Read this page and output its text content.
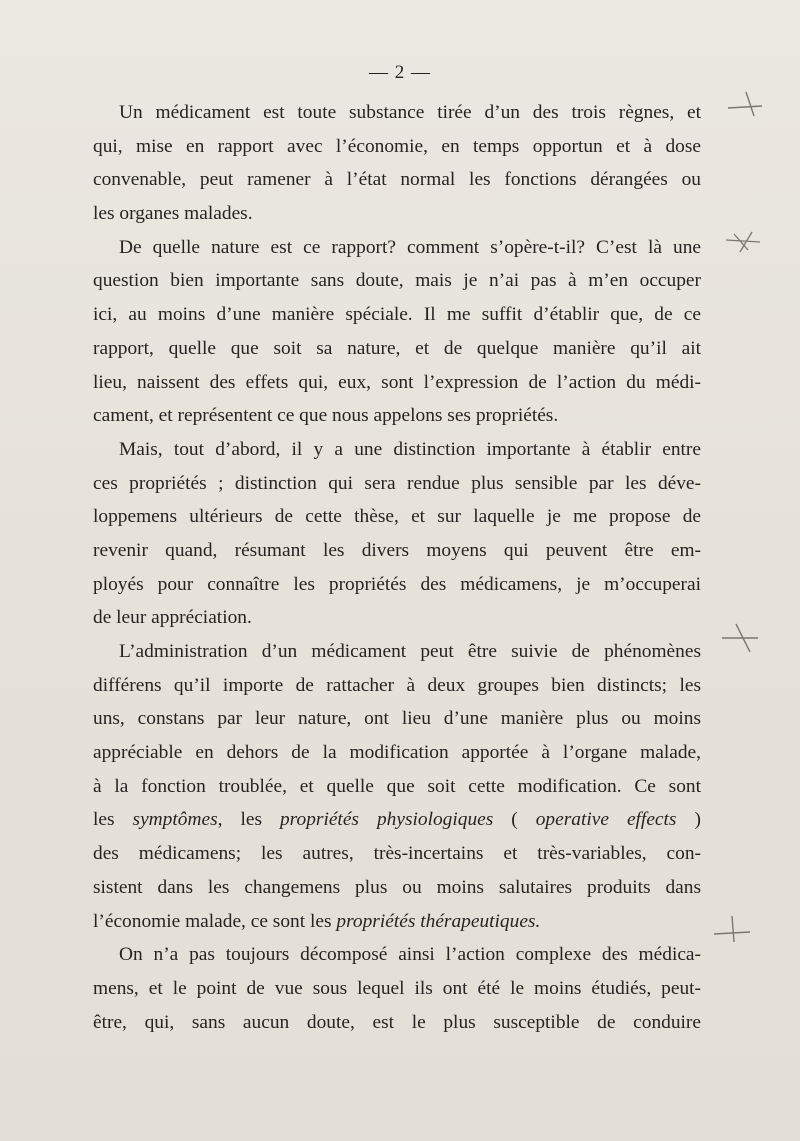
— 2 —
Un médicament est toute substance tirée d’un des trois règnes, et
qui, mise en rapport avec l’économie, en temps opportun et à dose
convenable, peut ramener à l’état normal les fonctions dérangées ou
les organes malades.
De quelle nature est ce rapport? comment s’opère-t-il? C’est là une
question bien importante sans doute, mais je n’ai pas à m’en occuper
ici, au moins d’une manière spéciale. Il me suffit d’établir que, de ce
rapport, quelle que soit sa nature, et de quelque manière qu’il ait
lieu, naissent des effets qui, eux, sont l’expression de l’action du médi-
cament, et représentent ce que nous appelons ses propriétés.
Mais, tout d’abord, il y a une distinction importante à établir entre
ces propriétés ; distinction qui sera rendue plus sensible par les déve-
loppemens ultérieurs de cette thèse, et sur laquelle je me propose de
revenir quand, résumant les divers moyens qui peuvent être em-
ployés pour connaître les propriétés des médicamens, je m’occuperai
de leur appréciation.
L’administration d’un médicament peut être suivie de phénomènes
différens qu’il importe de rattacher à deux groupes bien distincts; les
uns, constans par leur nature, ont lieu d’une manière plus ou moins
appréciable en dehors de la modification apportée à l’organe malade,
à la fonction troublée, et quelle que soit cette modification. Ce sont
les symptômes, les propriétés physiologiques ( operative effects )
des médicamens; les autres, très-incertains et très-variables, con-
sistent dans les changemens plus ou moins salutaires produits dans
l’économie malade, ce sont les propriétés thérapeutiques.
On n’a pas toujours décomposé ainsi l’action complexe des médica-
mens, et le point de vue sous lequel ils ont été le moins étudiés, peut-
être, qui, sans aucun doute, est le plus susceptible de conduire
